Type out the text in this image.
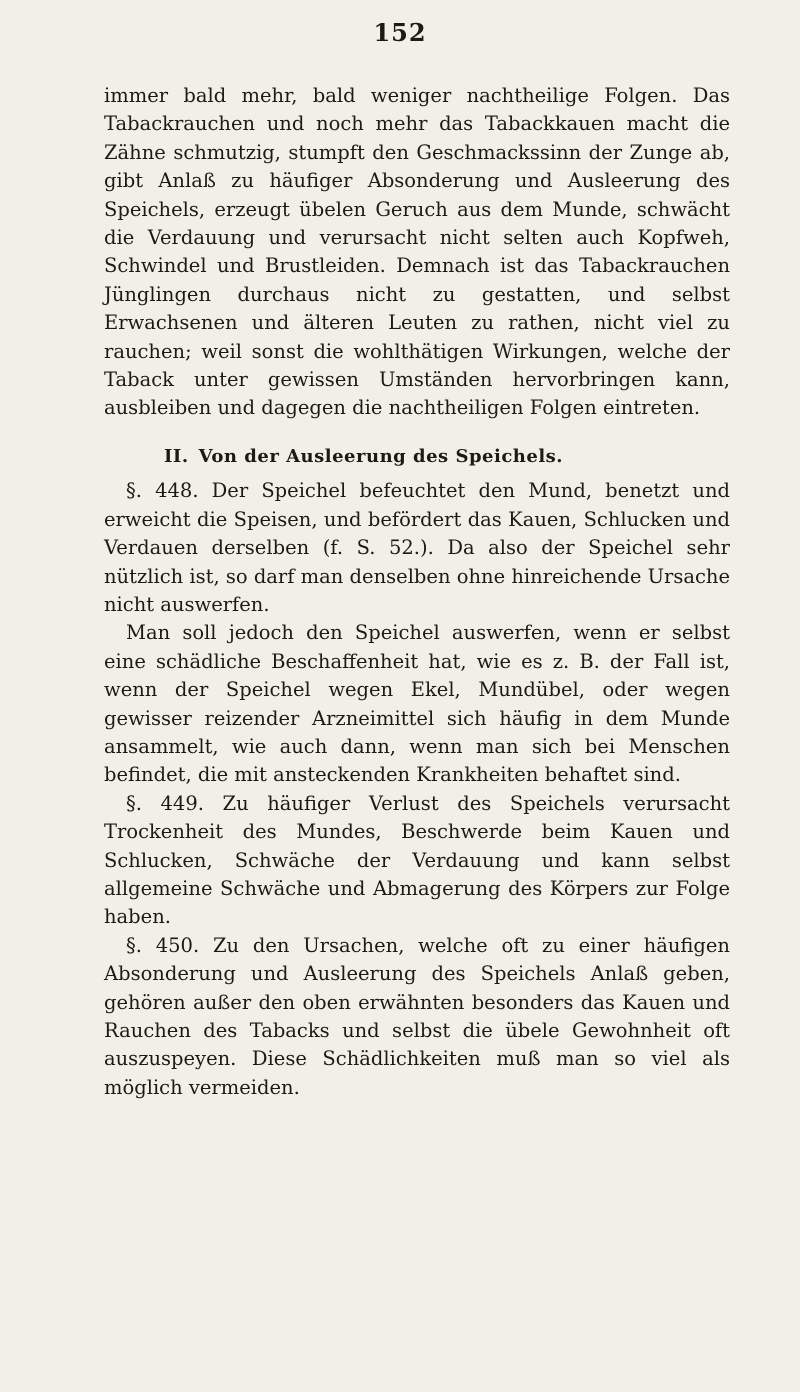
152

immer bald mehr, bald weniger nachtheilige Folgen. Das Tabackrauchen und noch mehr das Tabackkauen macht die Zähne schmutzig, stumpft den Geschmackssinn der Zunge ab, gibt Anlaß zu häufiger Absonderung und Ausleerung des Speichels, erzeugt übelen Geruch aus dem Munde, schwächt die Verdauung und verursacht nicht selten auch Kopfweh, Schwindel und Brustleiden. Demnach ist das Tabackrauchen Jünglingen durchaus nicht zu gestatten, und selbst Erwachsenen und älteren Leuten zu rathen, nicht viel zu rauchen; weil sonst die wohlthätigen Wirkungen, welche der Taback unter gewissen Umständen hervorbringen kann, ausbleiben und dagegen die nachtheiligen Folgen eintreten.

II. Von der Ausleerung des Speichels.

§. 448. Der Speichel befeuchtet den Mund, benetzt und erweicht die Speisen, und befördert das Kauen, Schlucken und Verdauen derselben (f. S. 52.). Da also der Speichel sehr nützlich ist, so darf man denselben ohne hinreichende Ursache nicht auswerfen.

Man soll jedoch den Speichel auswerfen, wenn er selbst eine schädliche Beschaffenheit hat, wie es z. B. der Fall ist, wenn der Speichel wegen Ekel, Mundübel, oder wegen gewisser reizender Arzneimittel sich häufig in dem Munde ansammelt, wie auch dann, wenn man sich bei Menschen befindet, die mit ansteckenden Krankheiten behaftet sind.

§. 449. Zu häufiger Verlust des Speichels verursacht Trockenheit des Mundes, Beschwerde beim Kauen und Schlucken, Schwäche der Verdauung und kann selbst allgemeine Schwäche und Abmagerung des Körpers zur Folge haben.

§. 450. Zu den Ursachen, welche oft zu einer häufigen Absonderung und Ausleerung des Speichels Anlaß geben, gehören außer den oben erwähnten besonders das Kauen und Rauchen des Tabacks und selbst die übele Gewohnheit oft auszuspeyen. Diese Schädlichkeiten muß man so viel als möglich vermeiden.
